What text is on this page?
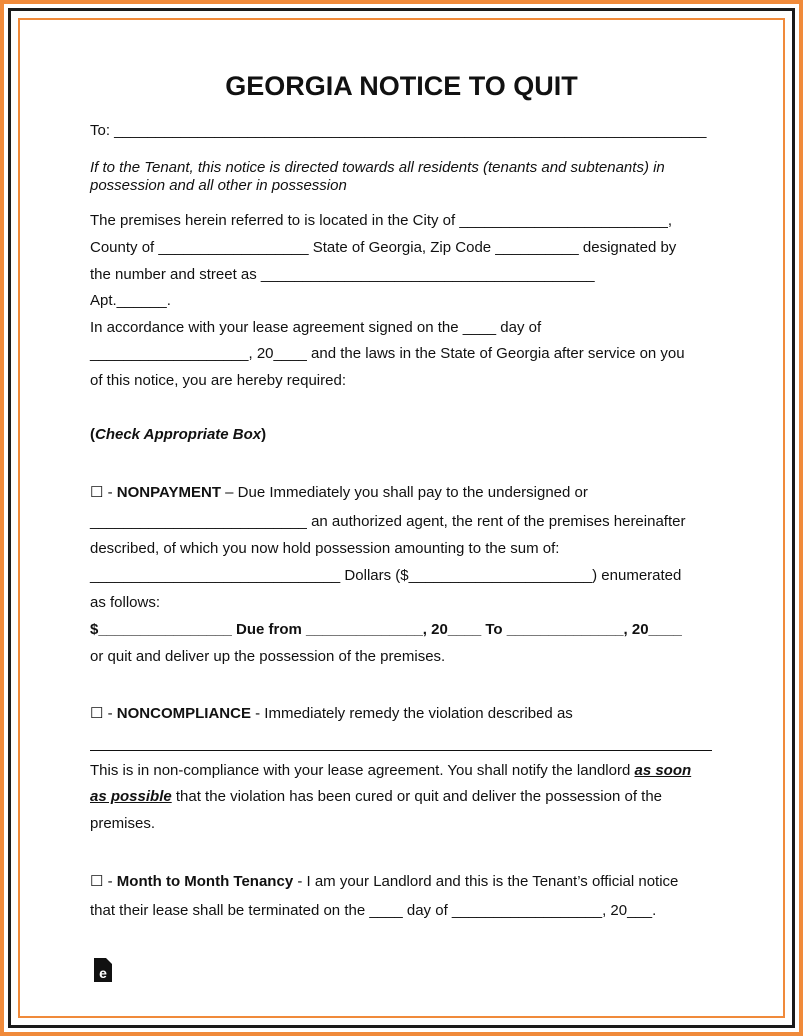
GEORGIA NOTICE TO QUIT
To: _______________________________________________________________________
If to the Tenant, this notice is directed towards all residents (tenants and subtenants) in
possession and all other in possession
The premises herein referred to is located in the City of _________________________,
County of __________________ State of Georgia, Zip Code __________ designated by
the number and street as ________________________________________
Apt.______.
In accordance with your lease agreement signed on the ____ day of
___________________, 20____ and the laws in the State of Georgia after service on you
of this notice, you are hereby required:
(Check Appropriate Box)
☐ - NONPAYMENT – Due Immediately you shall pay to the undersigned or
__________________________ an authorized agent, the rent of the premises hereinafter
described, of which you now hold possession amounting to the sum of:
______________________________ Dollars ($______________________) enumerated
as follows:
$________________ Due from ______________, 20____ To ______________, 20____
or quit and deliver up the possession of the premises.
☐ - NONCOMPLIANCE - Immediately remedy the violation described as
This is in non-compliance with your lease agreement. You shall notify the landlord as soon
as possible that the violation has been cured or quit and deliver the possession of the
premises.
☐ - Month to Month Tenancy - I am your Landlord and this is the Tenant’s official notice
that their lease shall be terminated on the ____ day of __________________, 20___.
e
